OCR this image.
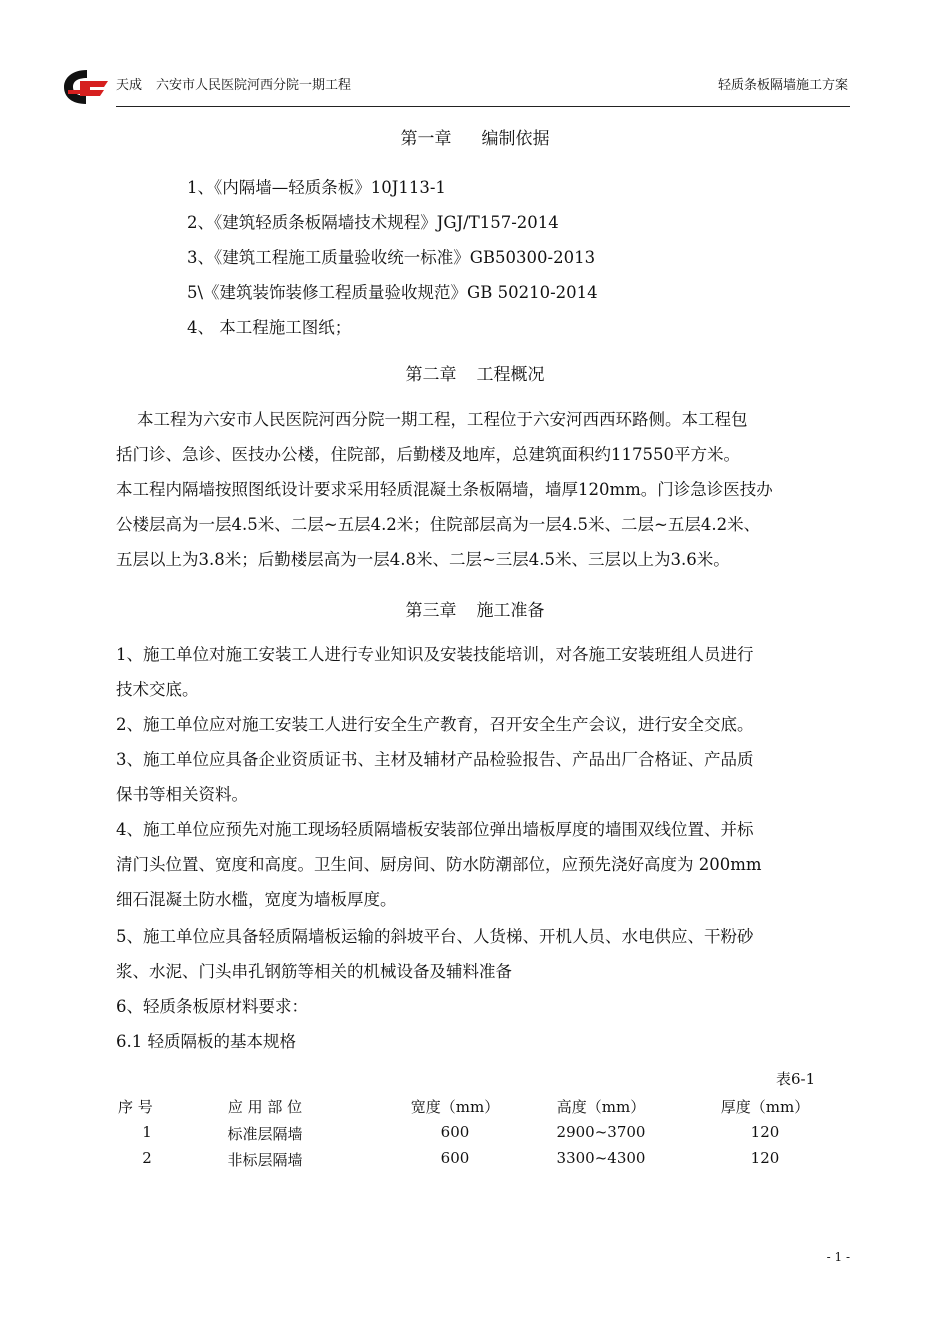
天成 六安市人民医院河西分院一期工程	轻质条板隔墙施工方案
第一章 编制依据
1、《内隔墙—轻质条板》10J113-1
2、《建筑轻质条板隔墙技术规程》JGJ/T157-2014
3、《建筑工程施工质量验收统一标准》GB50300-2013
5\《建筑装饰装修工程质量验收规范》GB 50210-2014
4、 本工程施工图纸；
第二章 工程概况
本工程为六安市人民医院河西分院一期工程，工程位于六安河西西环路侧。本工程包
括门诊、急诊、医技办公楼，住院部，后勤楼及地库，总建筑面积约117550平方米。
本工程内隔墙按照图纸设计要求采用轻质混凝土条板隔墙，墙厚120mm。门诊急诊医技办
公楼层高为一层4.5米、二层~五层4.2米；住院部层高为一层4.5米、二层~五层4.2米、
五层以上为3.8米；后勤楼层高为一层4.8米、二层~三层4.5米、三层以上为3.6米。
第三章 施工准备
1、施工单位对施工安装工人进行专业知识及安装技能培训，对各施工安装班组人员进行
技术交底。
2、施工单位应对施工安装工人进行安全生产教育，召开安全生产会议，进行安全交底。
3、施工单位应具备企业资质证书、主材及辅材产品检验报告、产品出厂合格证、产品质
保书等相关资料。
4、施工单位应预先对施工现场轻质隔墙板安装部位弹出墙板厚度的墙围双线位置、并标
清门头位置、宽度和高度。卫生间、厨房间、防水防潮部位，应预先浇好高度为 200mm
细石混凝土防水槛，宽度为墙板厚度。
5、施工单位应具备轻质隔墙板运输的斜坡平台、人货梯、开机人员、水电供应、干粉砂
浆、水泥、门头串孔钢筋等相关的机械设备及辅料准备
6、轻质条板原材料要求：
6.1 轻质隔板的基本规格
表6-1
序 号	应 用 部 位	宽度（mm）	高度（mm）	厚度（mm）
1	标准层隔墙	600	2900~3700	120
2	非标层隔墙	600	3300~4300	120
- 1 -
